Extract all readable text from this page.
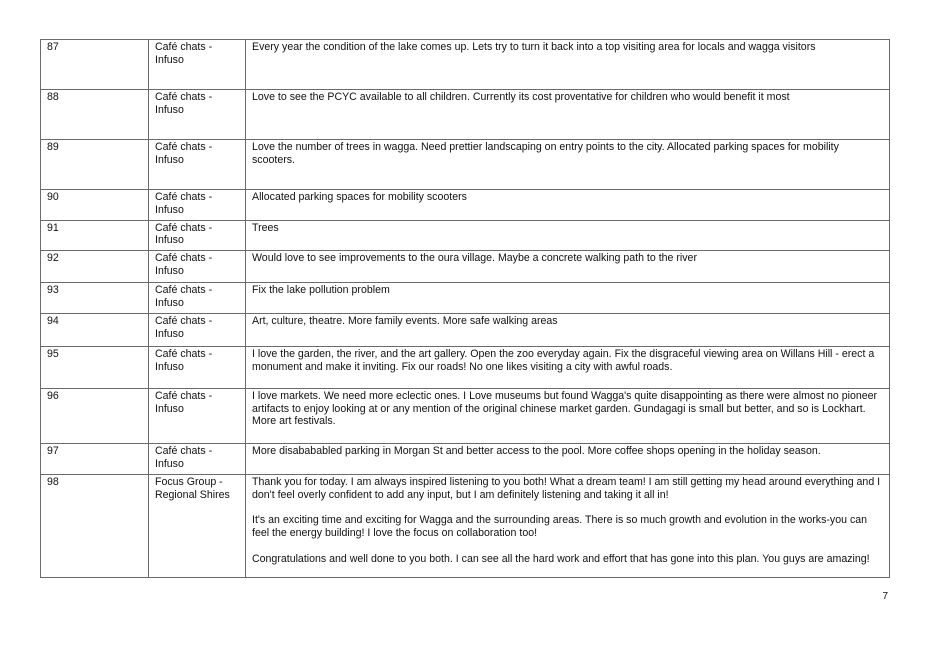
87	Café chats - Infuso	Every year the condition of the lake comes up. Lets try to turn it back into a top visiting area for locals and wagga visitors

88	Café chats - Infuso	Love to see the PCYC available to all children. Currently its cost proventative for children who would benefit it most

89	Café chats - Infuso	Love the number of trees in wagga. Need prettier landscaping on entry points to the city. Allocated parking spaces for mobility scooters.

90	Café chats - Infuso	Allocated parking spaces for mobility scooters

91	Café chats - Infuso	Trees

92	Café chats - Infuso	Would love to see improvements to the oura village. Maybe a concrete walking path to the river

93	Café chats - Infuso	Fix the lake pollution problem

94	Café chats - Infuso	Art, culture, theatre. More family events. More safe walking areas

95	Café chats - Infuso	I love the garden, the river, and the art gallery. Open the zoo everyday again. Fix the disgraceful viewing area on Willans Hill - erect a monument and make it inviting. Fix our roads! No one likes visiting a city with awful roads.

96	Café chats - Infuso	I love markets. We need more eclectic ones. I Love museums but found Wagga's quite disappointing as there were almost no pioneer artifacts to enjoy looking at or any mention of the original chinese market garden. Gundagagi is small but better, and so is Lockhart. More art festivals.

97	Café chats - Infuso	More disabababled parking in Morgan St and better access to the pool. More coffee shops opening in the holiday season.

98	Focus Group - Regional Shires	Thank you for today. I am always inspired listening to you both! What a dream team! I am still getting my head around everything and I don't feel overly confident to add any input, but I am definitely listening and taking it all in!
It's an exciting time and exciting for Wagga and the surrounding areas. There is so much growth and evolution in the works-you can feel the energy building! I love the focus on collaboration too!
Congratulations and well done to you both. I can see all the hard work and effort that has gone into this plan. You guys are amazing!
7
